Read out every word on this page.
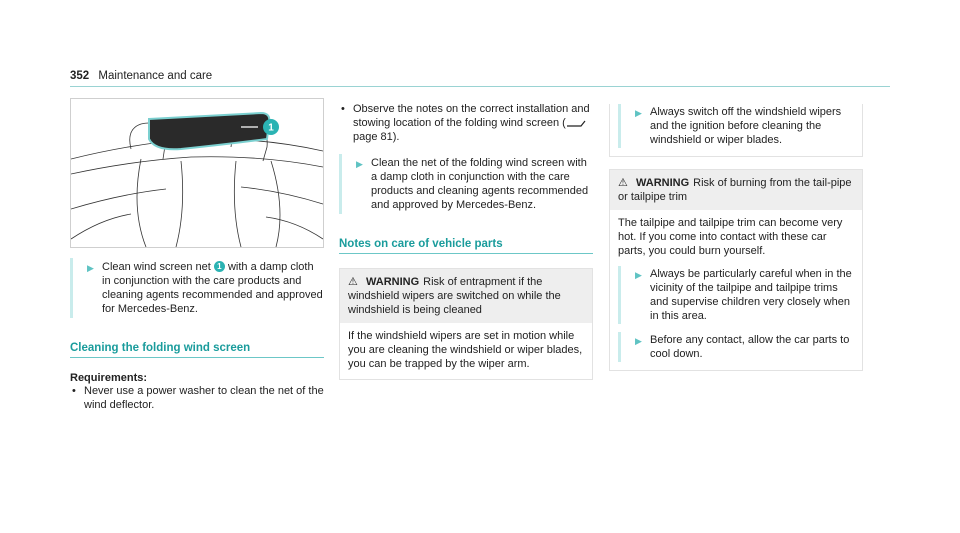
352 Maintenance and care
1
▶ Clean wind screen net 1 with a damp cloth in conjunction with the care products and cleaning agents recommended and approved for Mercedes-Benz.
Cleaning the folding wind screen
Requirements:
• Never use a power washer to clean the net of the wind deflector.
• Observe the notes on the correct installation and stowing location of the folding wind screen ( page 81).
▶ Clean the net of the folding wind screen with a damp cloth in conjunction with the care products and cleaning agents recommended and approved by Mercedes-Benz.
Notes on care of vehicle parts
⚠ WARNING Risk of entrapment if the windshield wipers are switched on while the windshield is being cleaned
If the windshield wipers are set in motion while you are cleaning the windshield or wiper blades, you can be trapped by the wiper arm.
▶ Always switch off the windshield wipers and the ignition before cleaning the windshield or wiper blades.
⚠ WARNING Risk of burning from the tail-pipe or tailpipe trim
The tailpipe and tailpipe trim can become very hot. If you come into contact with these car parts, you could burn yourself.
▶ Always be particularly careful when in the vicinity of the tailpipe and tailpipe trims and supervise children very closely when in this area.
▶ Before any contact, allow the car parts to cool down.
